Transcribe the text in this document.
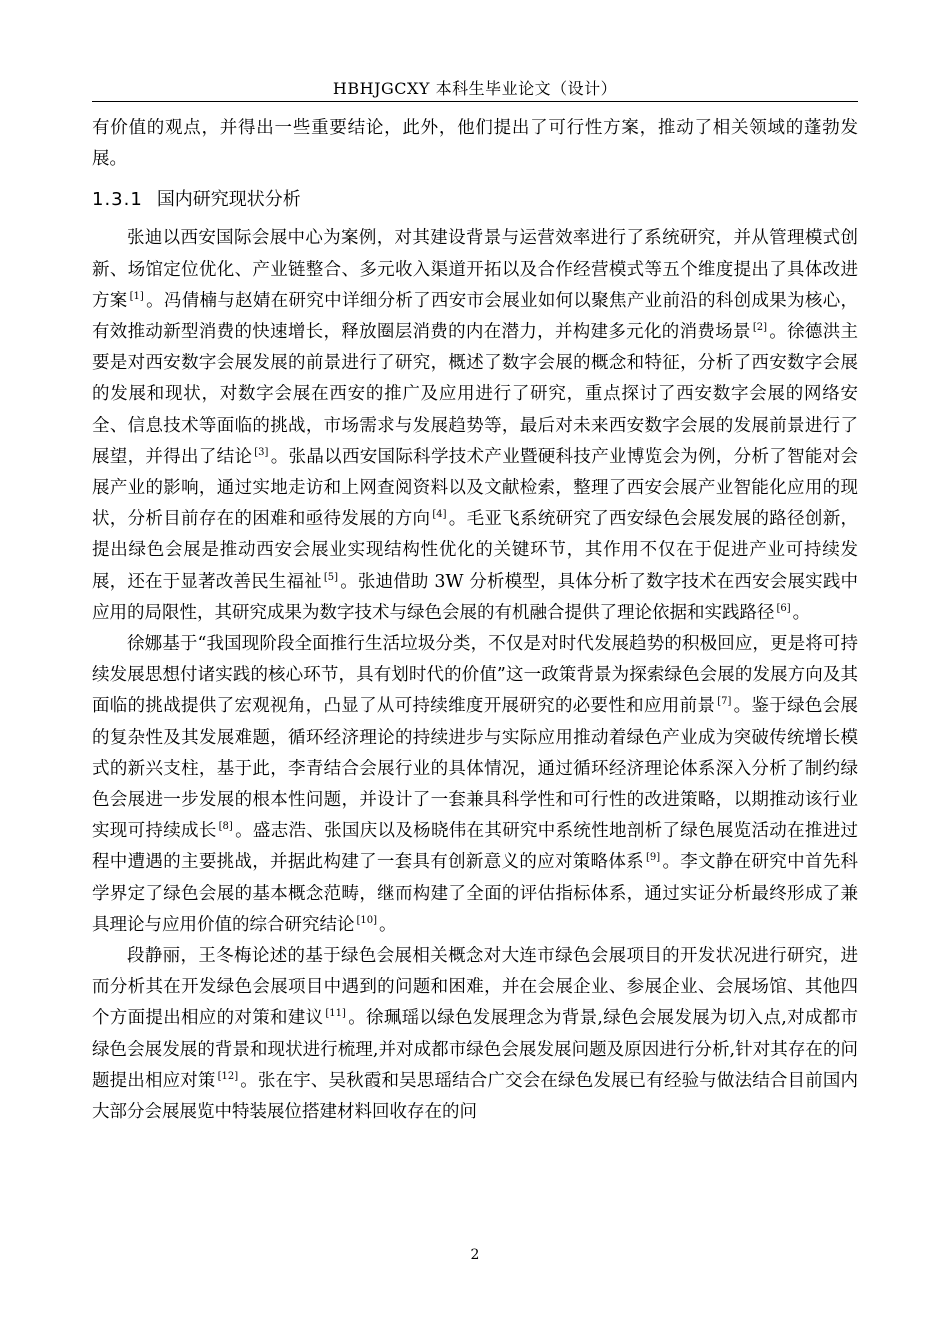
HBHJGCXY 本科生毕业论文（设计）

有价值的观点，并得出一些重要结论，此外，他们提出了可行性方案，推动了相关领域的蓬勃发展。

1.3.1 国内研究现状分析

张迪以西安国际会展中心为案例，对其建设背景与运营效率进行了系统研究，并从管理模式创新、场馆定位优化、产业链整合、多元收入渠道开拓以及合作经营模式等五个维度提出了具体改进方案 [1] 。冯倩楠与赵婧在研究中详细分析了西安市会展业如何以聚焦产业前沿的科创成果为核心，有效推动新型消费的快速增长，释放圈层消费的内在潜力，并构建多元化的消费场景 [2] 。徐德洪主要是对西安数字会展发展的前景进行了研究，概述了数字会展的概念和特征，分析了西安数字会展的发展和现状，对数字会展在西安的推广及应用进行了研究，重点探讨了西安数字会展的网络安全、信息技术等面临的挑战，市场需求与发展趋势等，最后对未来西安数字会展的发展前景进行了展望，并得出了结论 [3] 。张晶以西安国际科学技术产业暨硬科技产业博览会为例，分析了智能对会展产业的影响，通过实地走访和上网查阅资料以及文献检索，整理了西安会展产业智能化应用的现状，分析目前存在的困难和亟待发展的方向 [4] 。毛亚飞系统研究了西安绿色会展发展的路径创新，提出绿色会展是推动西安会展业实现结构性优化的关键环节，其作用不仅在于促进产业可持续发展，还在于显著改善民生福祉 [5] 。张迪借助 3W 分析模型，具体分析了数字技术在西安会展实践中应用的局限性，其研究成果为数字技术与绿色会展的有机融合提供了理论依据和实践路径 [6] 。

徐娜基于“我国现阶段全面推行生活垃圾分类，不仅是对时代发展趋势的积极回应，更是将可持续发展思想付诸实践的核心环节，具有划时代的价值”这一政策背景为探索绿色会展的发展方向及其面临的挑战提供了宏观视角，凸显了从可持续维度开展研究的必要性和应用前景 [7] 。鉴于绿色会展的复杂性及其发展难题，循环经济理论的持续进步与实际应用推动着绿色产业成为突破传统增长模式的新兴支柱，基于此，李青结合会展行业的具体情况，通过循环经济理论体系深入分析了制约绿色会展进一步发展的根本性问题，并设计了一套兼具科学性和可行性的改进策略，以期推动该行业实现可持续成长 [8] 。盛志浩、张国庆以及杨晓伟在其研究中系统性地剖析了绿色展览活动在推进过程中遭遇的主要挑战，并据此构建了一套具有创新意义的应对策略体系 [9] 。李文静在研究中首先科学界定了绿色会展的基本概念范畴，继而构建了全面的评估指标体系，通过实证分析最终形成了兼具理论与应用价值的综合研究结论 [10] 。

段静丽，王冬梅论述的基于绿色会展相关概念对大连市绿色会展项目的开发状况进行研究，进而分析其在开发绿色会展项目中遇到的问题和困难，并在会展企业、参展企业、会展场馆、其他四个方面提出相应的对策和建议 [11] 。徐珮瑶以绿色发展理念为背景,绿色会展发展为切入点,对成都市绿色会展发展的背景和现状进行梳理,并对成都市绿色会展发展问题及原因进行分析,针对其存在的问题提出相应对策 [12] 。张在宇、吴秋霞和吴思瑶结合广交会在绿色发展已有经验与做法结合目前国内大部分会展展览中特装展位搭建材料回收存在的问

2
